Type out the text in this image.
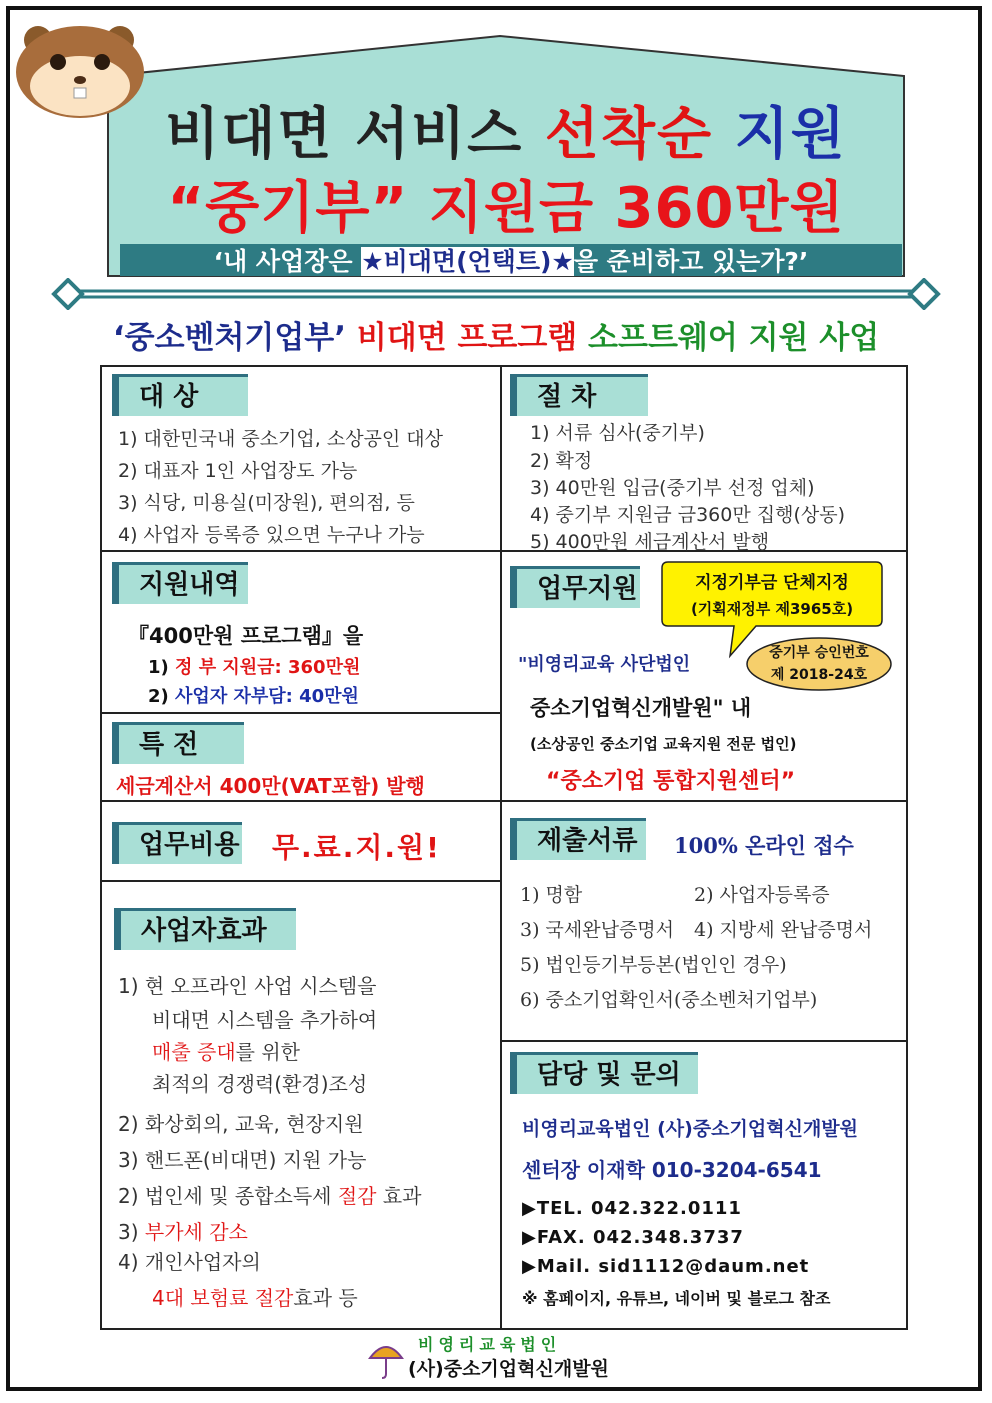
비대면 서비스 선착순 지원
“중기부” 지원금 360만원
‘내 사업장은 ★비대면(언택트)★을 준비하고 있는가?’
‘중소벤처기업부’ 비대면 프로그램 소프트웨어 지원 사업
대 상
1) 대한민국내 중소기업, 소상공인 대상
2) 대표자 1인 사업장도 가능
3) 식당, 미용실(미장원), 편의점, 등
4) 사업자 등록증 있으면 누구나 가능
절 차
1) 서류 심사(중기부)
2) 확정
3) 40만원 입금(중기부 선정 업체)
4) 중기부 지원금 금360만 집행(상동)
5) 400만원 세금계산서 발행
지원내역
『400만원 프로그램』을
1) 정 부 지원금: 360만원
2) 사업자 자부담: 40만원
특 전
세금계산서 400만(VAT포함) 발행
업무지원	지정기부금 단체지정
(기획재정부 제3965호)
중기부 승인번호
제 2018-24호
"비영리교육 사단법인
중소기업혁신개발원" 내
(소상공인 중소기업 교육지원 전문 법인)
“중소기업 통합지원센터”
업무비용 무.료.지.원!	제출서류	100% 온라인 접수
1) 명함	2) 사업자등록증
3) 국세완납증명서 4) 지방세 완납증명서
5) 법인등기부등본(법인인 경우)
6) 중소기업확인서(중소벤처기업부)
사업자효과
1) 현 오프라인 사업 시스템을
비대면 시스템을 추가하여
매출 증대를 위한
최적의 경쟁력(환경)조성
2) 화상회의, 교육, 현장지원
3) 핸드폰(비대면) 지원 가능
2) 법인세 및 종합소득세 절감 효과
3) 부가세 감소
4) 개인사업자의
4대 보험료 절감효과 등
담당 및 문의
비영리교육법인 (사)중소기업혁신개발원
센터장 이재학 010-3204-6541
▶TEL. 042.322.0111
▶FAX. 042.348.3737
▶Mail. sid1112@daum.net
※ 홈페이지, 유튜브, 네이버 및 블로그 참조
비영리교육법인
(사)중소기업혁신개발원
